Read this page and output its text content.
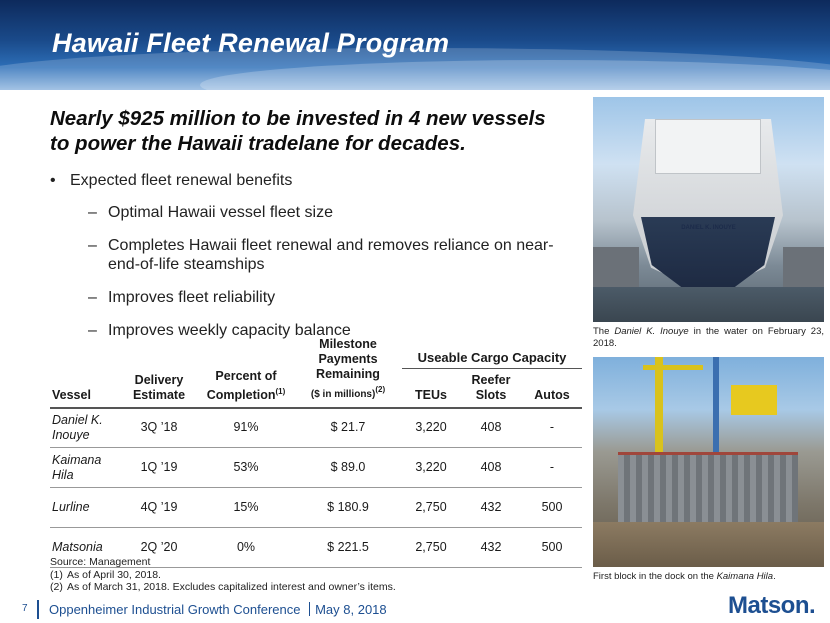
Hawaii Fleet Renewal Program
Nearly $925 million to be invested in 4 new vessels to power the Hawaii tradelane for decades.
• Expected fleet renewal benefits
– Optimal Hawaii vessel fleet size
– Completes Hawaii fleet renewal and removes reliance on near-end-of-life steamships
– Improves fleet reliability
– Improves weekly capacity balance
				Useable Cargo Capacity		
Vessel	Delivery Estimate	Percent of Completion$^{(1)}$	Milestone Payments Remaining
($ in millions)$^{(2)}$	TEUs	Reefer Slots	Autos
Daniel K. Inouye	3Q ’18	91%	$ 21.7	3,220	408	-
Kaimana Hila	1Q ’19	53%	$ 89.0	3,220	408	-
Lurline	4Q ’19	15%	$ 180.9	2,750	432	500
Matsonia	2Q ’20	0%	$ 221.5	2,750	432	500
Source: Management
(1) As of April 30, 2018.
(2) As of March 31, 2018. Excludes capitalized interest and owner’s items.
DANIEL K. INOUYE
The Daniel K. Inouye in the water on February 23, 2018.
First block in the dock on the Kaimana Hila.
7 Oppenheimer Industrial Growth Conference May 8, 2018	Matson.
